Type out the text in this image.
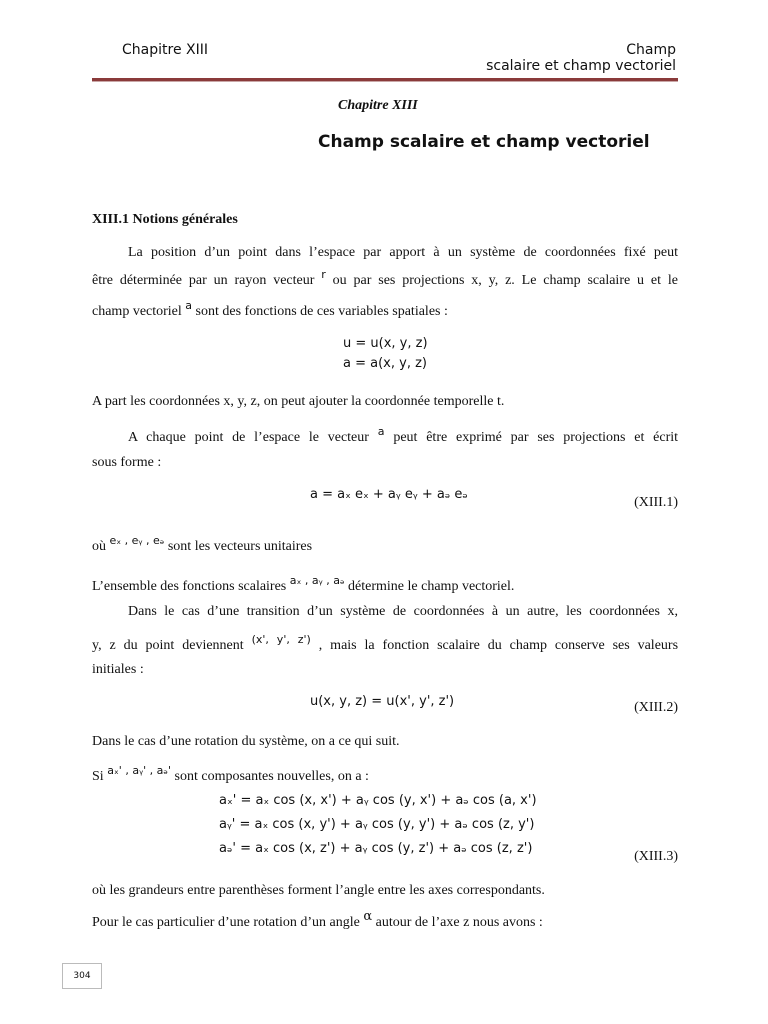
Chapitre XIII	Champ
scalaire et champ vectoriel
Chapitre XIII
Champ scalaire et champ vectoriel
XIII.1 Notions générales
La position d’un point dans l’espace par apport à un système de coordonnées fixé peut
être déterminée par un rayon vecteur $^r$ ou par ses projections x, y, z. Le champ scalaire u et le
champ vectoriel $^a$ sont des fonctions de ces variables spatiales :
u = u(x, y, z)
a = a(x, y, z)
A part les coordonnées x, y, z, on peut ajouter la coordonnée temporelle t.
A chaque point de l’espace le vecteur $^a$ peut être exprimé par ses projections et écrit
sous forme :
a = aₓ eₓ + aᵧ eᵧ + aₔ eₔ
(XIII.1)
où $^{e_x , eᵧ , eₔ}$ sont les vecteurs unitaires
L’ensemble des fonctions scalaires $^{a_x , aᵧ , aₔ}$ détermine le champ vectoriel.
Dans le cas d’une transition d’un système de coordonnées à un autre, les coordonnées x,
y, z du point deviennent $^{(x', y', z')}$ , mais la fonction scalaire du champ conserve ses valeurs
initiales :
u(x, y, z) = u(x', y', z')	(XIII.2)
Dans le cas d’une rotation du système, on a ce qui suit.
Si $^{a_x' , aᵧ' , aₔ'}$ sont composantes nouvelles, on a :
aₓ' = aₓ cos (x, x') + aᵧ cos (y, x') + aₔ cos (a, x')
aᵧ' = aₓ cos (x, y') + aᵧ cos (y, y') + aₔ cos (z, y')
aₔ' = aₓ cos (x, z') + aᵧ cos (y, z') + aₔ cos (z, z')
(XIII.3)
où les grandeurs entre parenthèses forment l’angle entre les axes correspondants.
Pour le cas particulier d’une rotation d’un angle α autour de l’axe z nous avons :
304
